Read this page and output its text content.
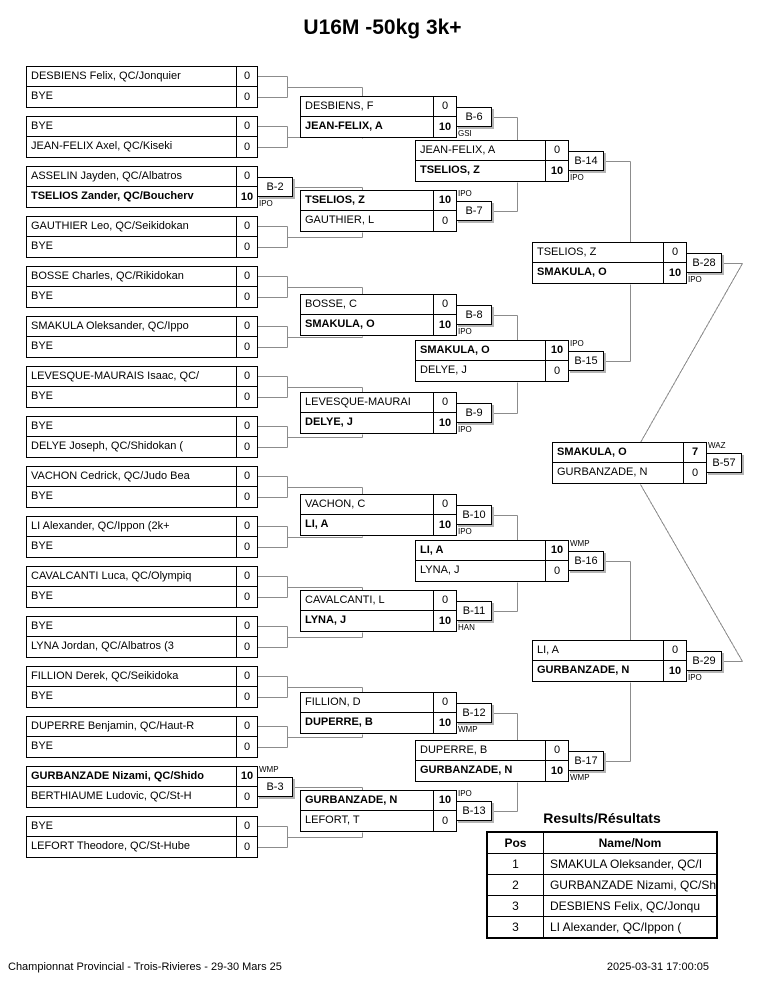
U16M -50kg 3k+
DESBIENS Felix, QC/Jonquier	0
BYE	0
BYE	0
JEAN-FELIX Axel, QC/Kiseki	0
ASSELIN Jayden, QC/Albatros	0
TSELIOS Zander, QC/Boucherv	10
B-2
IPO
GAUTHIER Leo, QC/Seikidokan	0
BYE	0
BOSSE Charles, QC/Rikidokan	0
BYE	0
SMAKULA Oleksander, QC/Ippo	0
BYE	0
LEVESQUE-MAURAIS Isaac, QC/	0
BYE	0
BYE	0
DELYE Joseph, QC/Shidokan (	0
VACHON Cedrick, QC/Judo Bea	0
BYE	0
LI Alexander, QC/Ippon (2k+	0
BYE	0
CAVALCANTI Luca, QC/Olympiq	0
BYE	0
BYE	0
LYNA Jordan, QC/Albatros (3	0
FILLION Derek, QC/Seikidoka	0
BYE	0
DUPERRE Benjamin, QC/Haut-R	0
BYE	0
GURBANZADE Nizami, QC/Shido	10
BERTHIAUME Ludovic, QC/St-H	0
B-3
WMP
BYE	0
LEFORT Theodore, QC/St-Hube	0
DESBIENS, F	0
JEAN-FELIX, A	10
B-6
GSI
TSELIOS, Z	10
GAUTHIER, L	0
B-7
IPO
BOSSE, C	0
SMAKULA, O	10
B-8
IPO
LEVESQUE-MAURAI	0
DELYE, J	10
B-9
IPO
VACHON, C	0
LI, A	10
B-10
IPO
CAVALCANTI, L	0
LYNA, J	10
B-11
HAN
FILLION, D	0
DUPERRE, B	10
B-12
WMP
GURBANZADE, N	10
LEFORT, T	0
B-13
IPO
JEAN-FELIX, A	0
TSELIOS, Z	10
B-14
IPO
SMAKULA, O	10
DELYE, J	0
B-15
IPO
LI, A	10
LYNA, J	0
B-16
WMP
DUPERRE, B	0
GURBANZADE, N	10
B-17
WMP
TSELIOS, Z	0
SMAKULA, O	10
B-28
IPO
LI, A	0
GURBANZADE, N	10
B-29
IPO
SMAKULA, O	7
GURBANZADE, N	0
B-57
WAZ
Results/Résultats
Pos	Name/Nom
1	SMAKULA Oleksander, QC/I
2	GURBANZADE Nizami, QC/Sh
3	DESBIENS Felix, QC/Jonqu
3	LI Alexander, QC/Ippon (
Championnat Provincial - Trois-Rivieres - 29-30 Mars 25	2025-03-31 17:00:05
